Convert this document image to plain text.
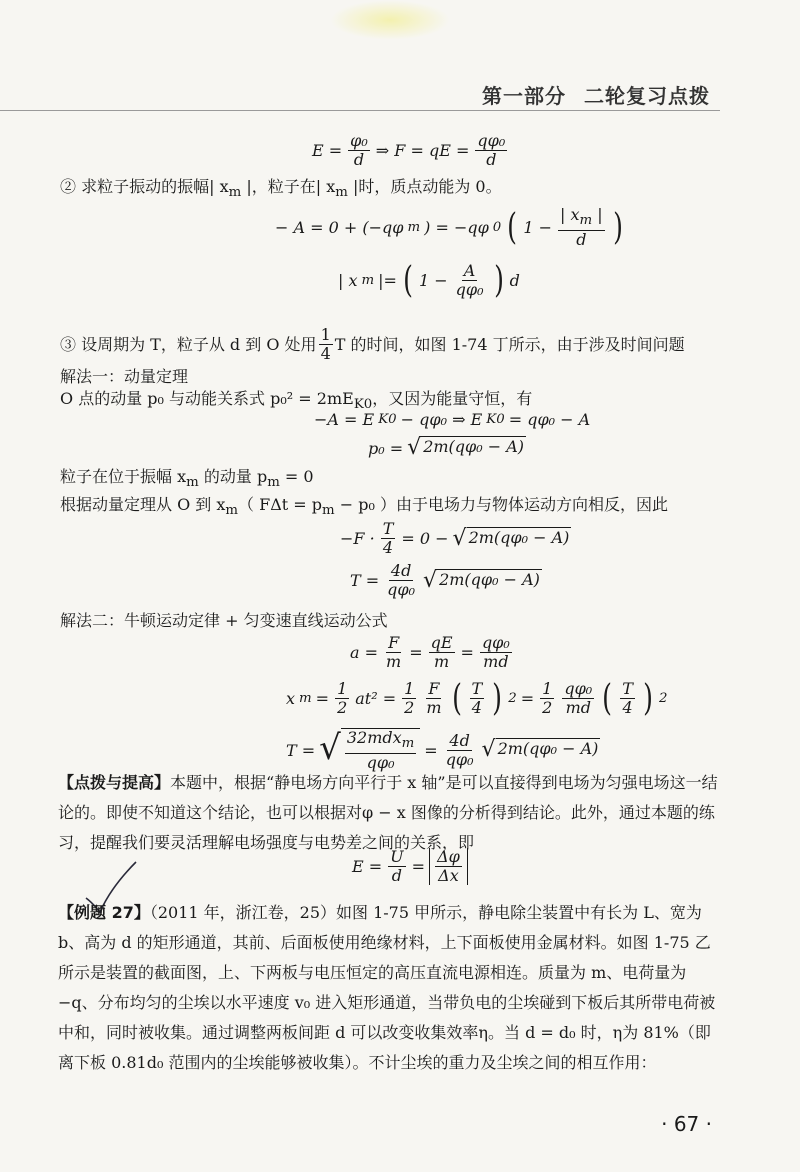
第一部分 二轮复习点拨
$E = \frac{\text{φ₀}}{d}$ ⇒ F = qE = $\frac{\text{qφ₀}}{d}$
② 求粒子振动的振幅| $x_m$ |，粒子在| $x_m$ |时，质点动能为 0。
− A = 0 + (−qφ m ) = −qφ 0 ( $1 - \frac{| x_m |}{d}$ )
| x m |= ( $1 - \frac{A}{\text{qφ₀}}$ ) d
③ 设周期为 T，粒子从 d 到 O 处用 $\frac{1}{4}$ T 的时间，如图 1-74 丁所示，由于涉及时间问题
解法一：动量定理
O 点的动量 p₀ 与动能关系式 $p_0^2 = 2mE_{K0}$，又因为能量守恒，有
−A = E K0 − qφ₀ ⇒ E K0 = qφ₀ − A
p₀ = √ 2m(qφ₀ − A)
粒子在位于振幅 $x_m$ 的动量 $p_m = 0$
根据动量定理从 O 到 $x_m$（ $F\Delta t = p_m - p_0$ ）由于电场力与物体运动方向相反，因此
$-F \cdot \frac{T}{4} = 0$ − √ 2m(qφ₀ − A)
$T = \frac{4d}{\text{qφ₀}}$ √ 2m(qφ₀ − A)
解法二：牛顿运动定律 + 匀变速直线运动公式
$a = \frac{F}{m} = \frac{qE}{m} = \frac{\text{qφ₀}}{md}$
x $m = \frac{1}{2} at^2 = \frac{1}{2} \frac{F}{m}$ ( $\frac{T}{4}$ ) $2 = \frac{1}{2} \frac{\text{qφ₀}}{md}$ ( $\frac{T}{4}$ ) 2
T = √ $\frac{32mdx_m}{\text{qφ₀}} = \frac{4d}{\text{qφ₀}}$ √ 2m(qφ₀ − A)
【点拨与提高】本题中，根据“静电场方向平行于 x 轴”是可以直接得到电场为匀强电场这一结论的。即使不知道这个结论，也可以根据对φ − x 图像的分析得到结论。此外，通过本题的练习，提醒我们要灵活理解电场强度与电势差之间的关系，即
$E = \frac{U}{d} = \frac{\Delta\varphi}{\Delta x}$
【例题 27】（2011 年，浙江卷，25）如图 1-75 甲所示，静电除尘装置中有长为 L、宽为 b、高为 d 的矩形通道，其前、后面板使用绝缘材料，上下面板使用金属材料。如图 1-75 乙所示是装置的截面图，上、下两板与电压恒定的高压直流电源相连。质量为 m、电荷量为−q、分布均匀的尘埃以水平速度 v₀ 进入矩形通道，当带负电的尘埃碰到下板后其所带电荷被中和，同时被收集。通过调整两板间距 d 可以改变收集效率η。当 d = d₀ 时，η为 81%（即离下板 0.81d₀ 范围内的尘埃能够被收集）。不计尘埃的重力及尘埃之间的相互作用：
· 67 ·
